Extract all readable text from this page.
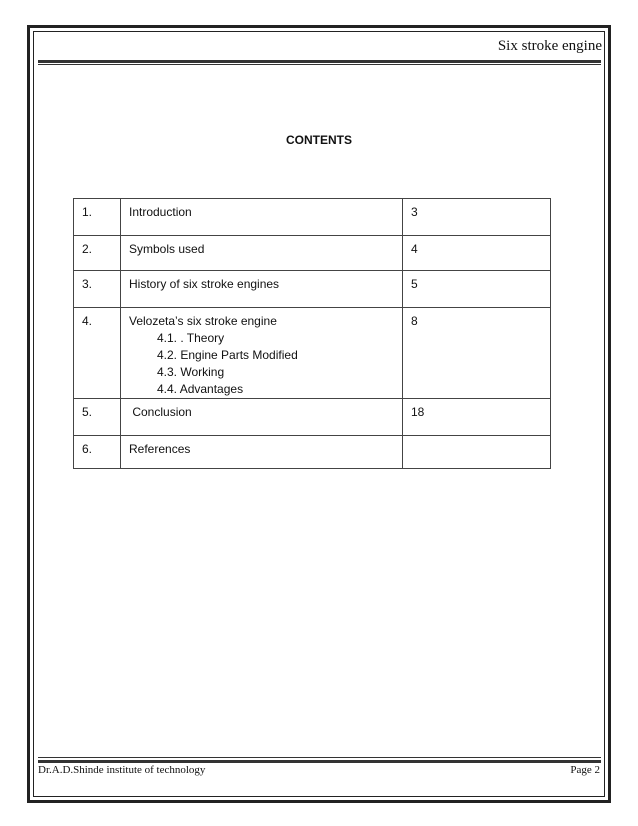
Six stroke engine
CONTENTS
1.	Introduction	3
2.	Symbols used	4
3.	History of six stroke engines	5
4.	Velozeta’s six stroke engine
4.1. . Theory
4.2. Engine Parts Modified
4.3. Working
4.4. Advantages	8
5.	Conclusion	18
6.	References	
Dr.A.D.Shinde institute of technology	Page 2
